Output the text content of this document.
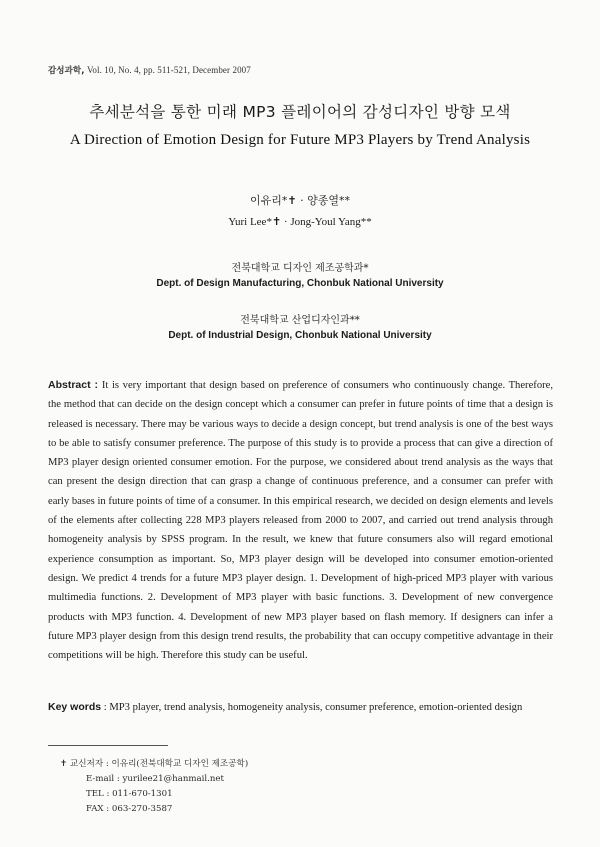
감성과학, Vol. 10, No. 4, pp. 511-521, December 2007
추세분석을 통한 미래 MP3 플레이어의 감성디자인 방향 모색
A Direction of Emotion Design for Future MP3 Players by Trend Analysis
이유리*✝ · 양종열**
Yuri Lee*✝ · Jong-Youl Yang**
전북대학교 디자인 제조공학과*
Dept. of Design Manufacturing, Chonbuk National University
전북대학교 산업디자인과**
Dept. of Industrial Design, Chonbuk National University
Abstract : It is very important that design based on preference of consumers who continuously change. Therefore, the method that can decide on the design concept which a consumer can prefer in future points of time that a design is released is necessary. There may be various ways to decide a design concept, but trend analysis is one of the best ways to be able to satisfy consumer preference. The purpose of this study is to provide a process that can give a direction of MP3 player design oriented consumer emotion. For the purpose, we considered about trend analysis as the ways that can present the design direction that can grasp a change of continuous preference, and a consumer can prefer with early bases in future points of time of a consumer. In this empirical research, we decided on design elements and levels of the elements after collecting 228 MP3 players released from 2000 to 2007, and carried out trend analysis through homogeneity analysis by SPSS program. In the result, we knew that future consumers also will regard emotional experience consumption as important. So, MP3 player design will be developed into consumer emotion-oriented design. We predict 4 trends for a future MP3 player design. 1. Development of high-priced MP3 player with various multimedia functions. 2. Development of MP3 player with basic functions. 3. Development of new convergence products with MP3 function. 4. Development of new MP3 player based on flash memory. If designers can infer a future MP3 player design from this design trend results, the probability that can occupy competitive advantage in their competitions will be high. Therefore this study can be useful.
Key words : MP3 player, trend analysis, homogeneity analysis, consumer preference, emotion-oriented design
✝ 교신저자 : 이유리(전북대학교 디자인 제조공학)
E-mail : yurilee21@hanmail.net
TEL : 011-670-1301
FAX : 063-270-3587
